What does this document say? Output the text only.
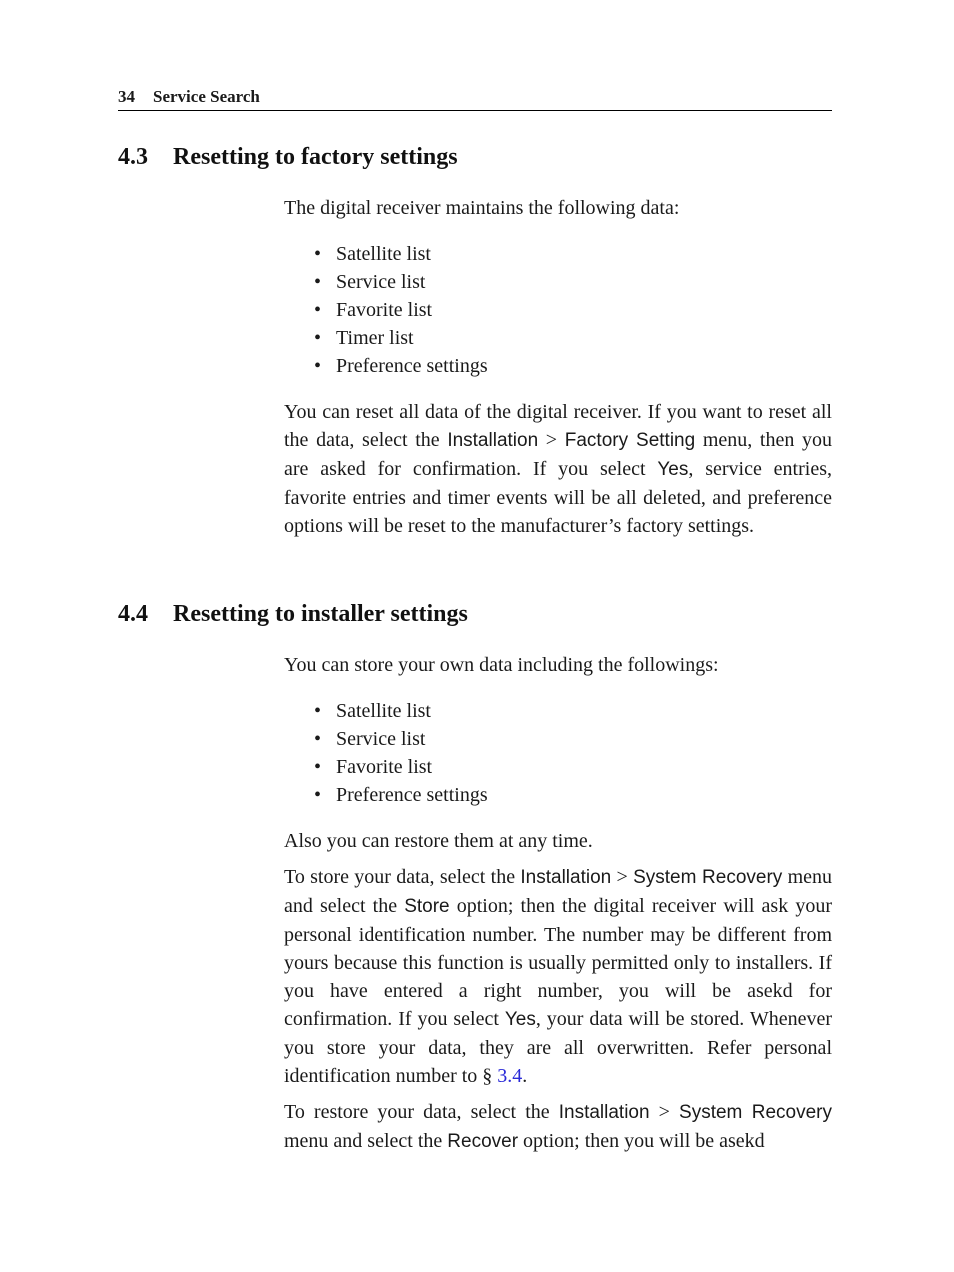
34 Service Search
4.3 Resetting to factory settings

The digital receiver maintains the following data:

• Satellite list
• Service list
• Favorite list
• Timer list
• Preference settings

You can reset all data of the digital receiver. If you want to reset all the data, select the Installation > Factory Setting menu, then you are asked for confirmation. If you select Yes, service entries, favorite entries and timer events will be all deleted, and preference options will be reset to the manufacturer’s factory settings.

4.4 Resetting to installer settings

You can store your own data including the followings:

• Satellite list
• Service list
• Favorite list
• Preference settings

Also you can restore them at any time.

To store your data, select the Installation > System Recovery menu and select the Store option; then the digital receiver will ask your personal identification number. The number may be different from yours because this function is usually permitted only to installers. If you have entered a right number, you will be asekd for confirmation. If you select Yes, your data will be stored. Whenever you store your data, they are all overwritten. Refer personal identification number to § 3.4.

To restore your data, select the Installation > System Recovery menu and select the Recover option; then you will be asekd
